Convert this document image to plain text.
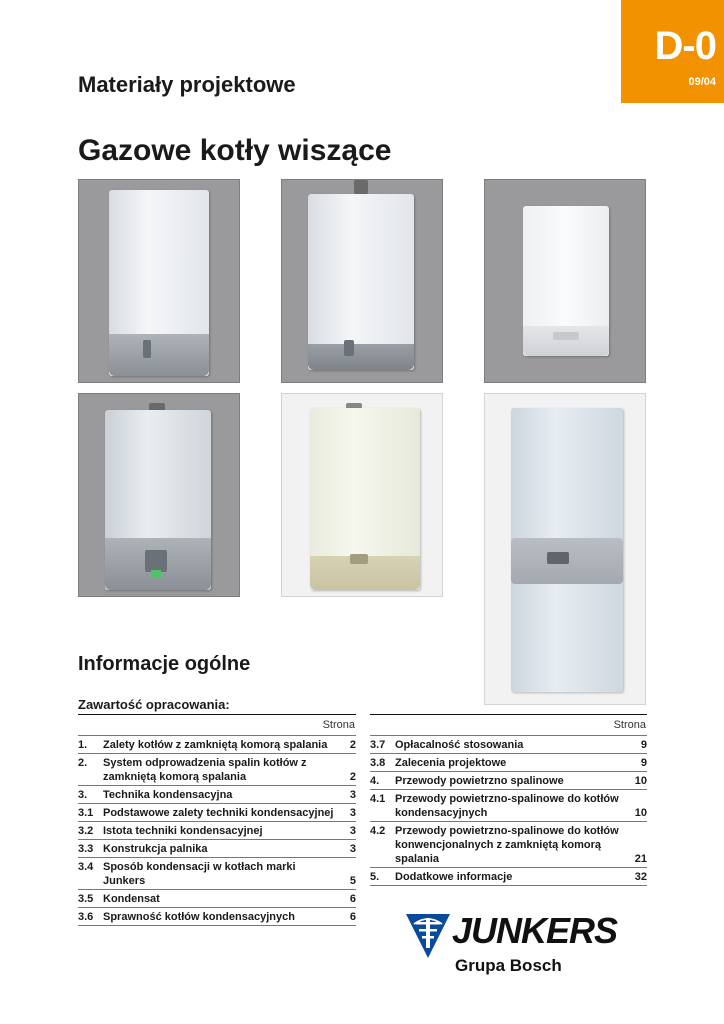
D-0
09/04
Materiały projektowe
Gazowe kotły wiszące
Informacje ogólne
Zawartość opracowania:
Strona
1.	Zalety kotłów z zamkniętą komorą spalania	2
2.	System odprowadzenia spalin kotłów z zamkniętą komorą spalania	2
3.	Technika kondensacyjna	3
3.1 Podstawowe zalety techniki kondensacyjnej	3
3.2 Istota techniki kondensacyjnej	3
3.3 Konstrukcja palnika	3
3.4 Sposób kondensacji w kotłach marki Junkers	5
3.5 Kondensat	6
3.6 Sprawność kotłów kondensacyjnych	6
Strona
3.7 Opłacalność stosowania	9
3.8 Zalecenia projektowe	9
4.	Przewody powietrzno spalinowe	10
4.1 Przewody powietrzno-spalinowe do kotłów kondensacyjnych	10
4.2 Przewody powietrzno-spalinowe do kotłów konwencjonalnych z zamkniętą komorą spalania	21
5.	Dodatkowe informacje	32
JUNKERS
Grupa Bosch
